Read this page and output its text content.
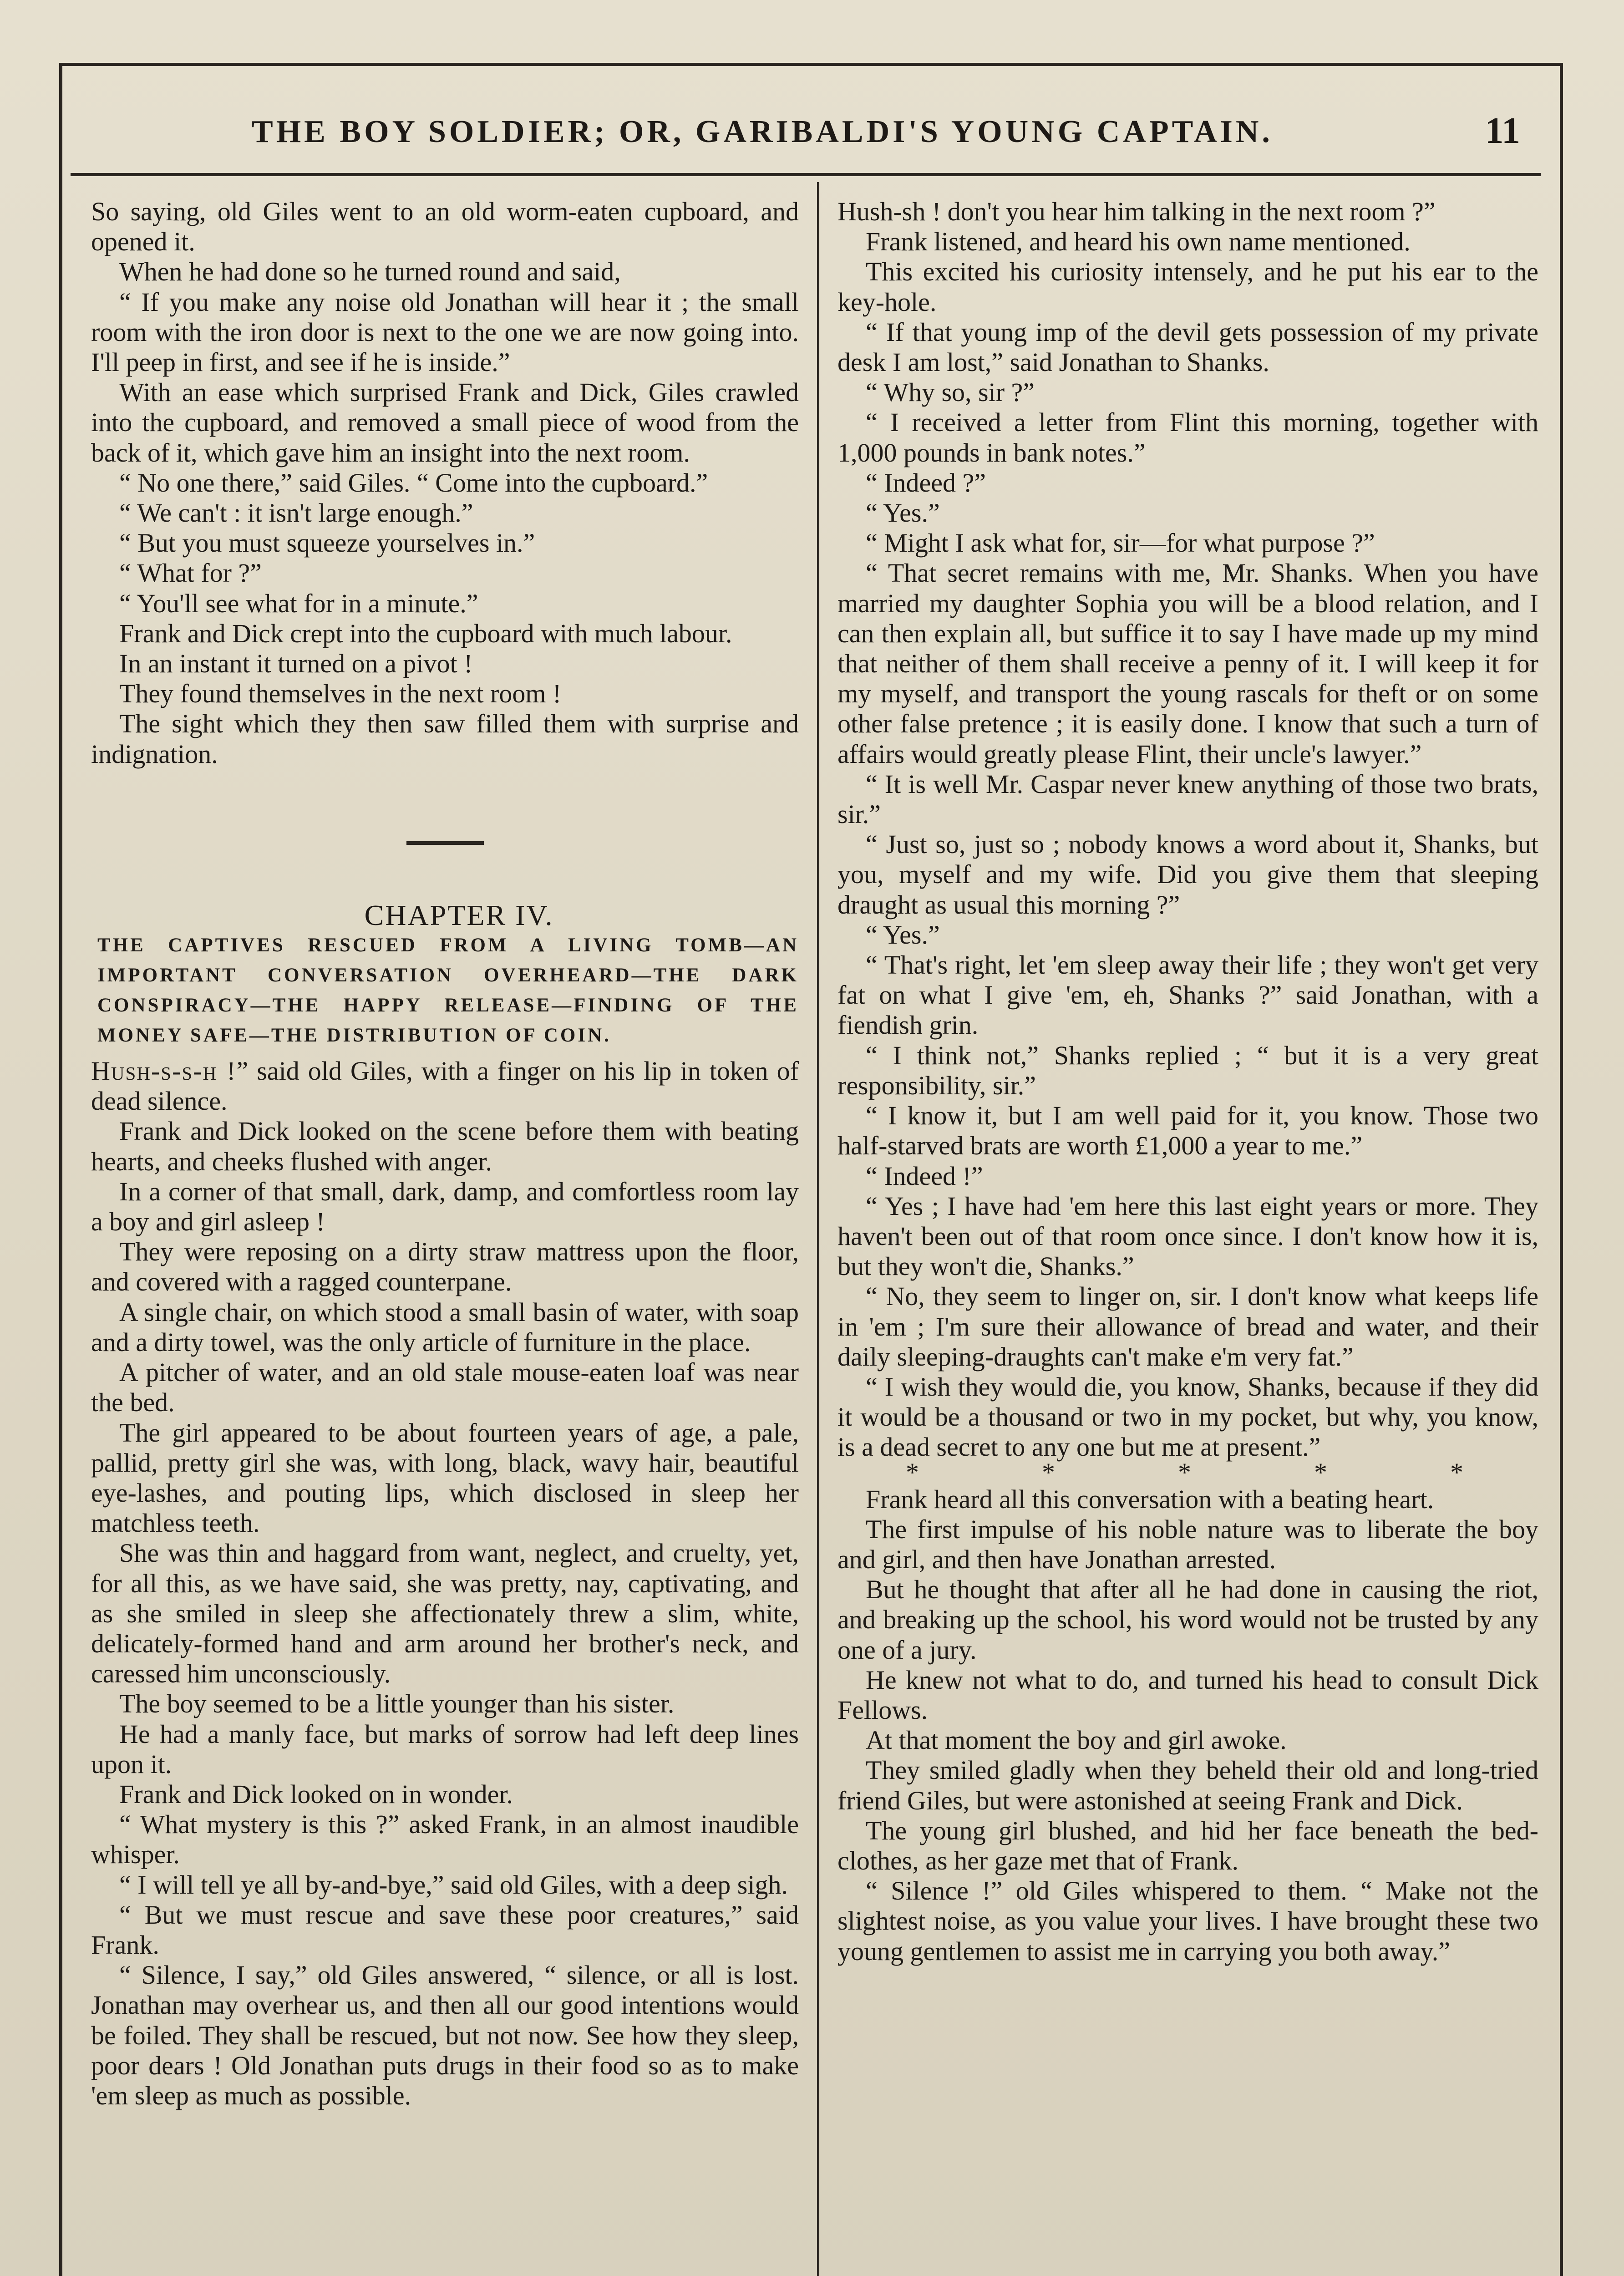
THE BOY SOLDIER; OR, GARIBALDI'S YOUNG CAPTAIN.	11

So saying, old Giles went to an old worm-eaten cupboard, and opened it.

When he had done so he turned round and said,

“ If you make any noise old Jonathan will hear it ; the small room with the iron door is next to the one we are now going into. I'll peep in first, and see if he is inside.”

With an ease which surprised Frank and Dick, Giles crawled into the cupboard, and removed a small piece of wood from the back of it, which gave him an insight into the next room.

“ No one there,” said Giles. “ Come into the cupboard.”

“ We can't : it isn't large enough.”

“ But you must squeeze yourselves in.”

“ What for ?”

“ You'll see what for in a minute.”

Frank and Dick crept into the cupboard with much labour.

In an instant it turned on a pivot !

They found themselves in the next room !

The sight which they then saw filled them with surprise and indignation.

CHAPTER IV.

THE CAPTIVES RESCUED FROM A LIVING TOMB—AN IMPORTANT CONVERSATION OVERHEARD—THE DARK CONSPIRACY—THE HAPPY RELEASE—FINDING OF THE MONEY SAFE—THE DISTRIBUTION OF COIN.

Hush-s-s-h !” said old Giles, with a finger on his lip in token of dead silence.

Frank and Dick looked on the scene before them with beating hearts, and cheeks flushed with anger.

In a corner of that small, dark, damp, and comfortless room lay a boy and girl asleep !

They were reposing on a dirty straw mattress upon the floor, and covered with a ragged counterpane.

A single chair, on which stood a small basin of water, with soap and a dirty towel, was the only article of furniture in the place.

A pitcher of water, and an old stale mouse-eaten loaf was near the bed.

The girl appeared to be about fourteen years of age, a pale, pallid, pretty girl she was, with long, black, wavy hair, beautiful eye-lashes, and pouting lips, which disclosed in sleep her matchless teeth.

She was thin and haggard from want, neglect, and cruelty, yet, for all this, as we have said, she was pretty, nay, captivating, and as she smiled in sleep she affectionately threw a slim, white, delicately-formed hand and arm around her brother's neck, and caressed him unconsciously.

The boy seemed to be a little younger than his sister.

He had a manly face, but marks of sorrow had left deep lines upon it.

Frank and Dick looked on in wonder.

“ What mystery is this ?” asked Frank, in an almost inaudible whisper.

“ I will tell ye all by-and-bye,” said old Giles, with a deep sigh.

“ But we must rescue and save these poor creatures,” said Frank.

“ Silence, I say,” old Giles answered, “ silence, or all is lost. Jonathan may overhear us, and then all our good intentions would be foiled. They shall be rescued, but not now. See how they sleep, poor dears ! Old Jonathan puts drugs in their food so as to make 'em sleep as much as possible.

Hush-sh ! don't you hear him talking in the next room ?”

Frank listened, and heard his own name mentioned.

This excited his curiosity intensely, and he put his ear to the key-hole.

“ If that young imp of the devil gets possession of my private desk I am lost,” said Jonathan to Shanks.

“ Why so, sir ?”

“ I received a letter from Flint this morning, together with 1,000 pounds in bank notes.”

“ Indeed ?”

“ Yes.”

“ Might I ask what for, sir—for what purpose ?”

“ That secret remains with me, Mr. Shanks. When you have married my daughter Sophia you will be a blood relation, and I can then explain all, but suffice it to say I have made up my mind that neither of them shall receive a penny of it. I will keep it for my myself, and transport the young rascals for theft or on some other false pretence ; it is easily done. I know that such a turn of affairs would greatly please Flint, their uncle's lawyer.”

“ It is well Mr. Caspar never knew anything of those two brats, sir.”

“ Just so, just so ; nobody knows a word about it, Shanks, but you, myself and my wife. Did you give them that sleeping draught as usual this morning ?”

“ Yes.”

“ That's right, let 'em sleep away their life ; they won't get very fat on what I give 'em, eh, Shanks ?” said Jonathan, with a fiendish grin.

“ I think not,” Shanks replied ; “ but it is a very great responsibility, sir.”

“ I know it, but I am well paid for it, you know. Those two half-starved brats are worth £1,000 a year to me.”

“ Indeed !”

“ Yes ; I have had 'em here this last eight years or more. They haven't been out of that room once since. I don't know how it is, but they won't die, Shanks.”

“ No, they seem to linger on, sir. I don't know what keeps life in 'em ; I'm sure their allowance of bread and water, and their daily sleeping-draughts can't make e'm very fat.”

“ I wish they would die, you know, Shanks, because if they did it would be a thousand or two in my pocket, but why, you know, is a dead secret to any one but me at present.”

*	*	*	*	*

Frank heard all this conversation with a beating heart.

The first impulse of his noble nature was to liberate the boy and girl, and then have Jonathan arrested.

But he thought that after all he had done in causing the riot, and breaking up the school, his word would not be trusted by any one of a jury.

He knew not what to do, and turned his head to consult Dick Fellows.

At that moment the boy and girl awoke.

They smiled gladly when they beheld their old and long-tried friend Giles, but were astonished at seeing Frank and Dick.

The young girl blushed, and hid her face beneath the bed-clothes, as her gaze met that of Frank.

“ Silence !” old Giles whispered to them. “ Make not the slightest noise, as you value your lives. I have brought these two young gentlemen to assist me in carrying you both away.”
